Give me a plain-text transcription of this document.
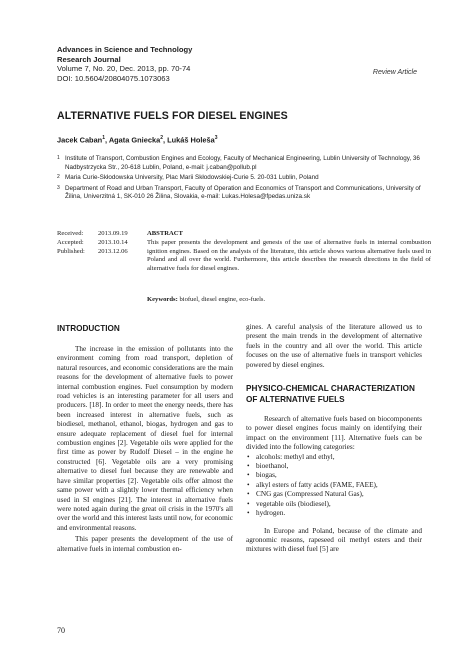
Advances in Science and Technology
Research Journal
Volume 7, No. 20, Dec. 2013, pp. 70-74
DOI: 10.5604/20804075.1073063
Review Article
ALTERNATIVE FUELS FOR DIESEL ENGINES
Jacek Caban$^1$, Agata Gniecka$^2$, Lukáš Holeša$^3$
1 Institute of Transport, Combustion Engines and Ecology, Faculty of Mechanical Engineering, Lublin University of Technology, 36 Nadbystrzycka Str., 20-618 Lublin, Poland, e-mail: j.caban@pollub.pl
2 Maria Curie-Skłodowska University, Plac Marii Skłodowskiej-Curie 5. 20-031 Lublin, Poland
3 Department of Road and Urban Transport, Faculty of Operation and Economics of Transport and Communications, University of Žilina, Univerzitná 1, SK-010 26 Žilina, Slovakia, e-mail: Lukas.Holesa@fpedas.uniza.sk
Received:	2013.09.19
Accepted:	2013.10.14
Published:	2013.12.06
ABSTRACT
This paper presents the development and genesis of the use of alternative fuels in internal combustion ignition engines. Based on the analysis of the literature, this article shows various alternative fuels used in Poland and all over the world. Furthermore, this article describes the research directions in the field of alternative fuels for diesel engines.
Keywords: biofuel, diesel engine, eco-fuels.
INTRODUCTION

The increase in the emission of pollutants into the environment coming from road transport, depletion of natural resources, and economic considerations are the main reasons for the development of alternative fuels to power internal combustion engines. Fuel consumption by modern road vehicles is an interesting parameter for all users and producers. [18]. In order to meet the energy needs, there has been increased interest in alternative fuels, such as biodiesel, methanol, ethanol, biogas, hydrogen and gas to ensure adequate replacement of diesel fuel for internal combustion engines [2]. Vegetable oils were applied for the first time as power by Rudolf Diesel – in the engine he constructed [6]. Vegetable oils are a very promising alternative to diesel fuel because they are renewable and have similar properties [2]. Vegetable oils offer almost the same power with a slightly lower thermal efficiency when used in SI engines [21]. The interest in alternative fuels were noted again during the great oil crisis in the 1970's all over the world and this interest lasts until now, for economic and environmental reasons.

This paper presents the development of the use of alternative fuels in internal combustion en-

gines. A careful analysis of the literature allowed us to present the main trends in the development of alternative fuels in the country and all over the world. This article focuses on the use of alternative fuels in transport vehicles powered by diesel engines.

PHYSICO-CHEMICAL CHARACTERIZATION OF ALTERNATIVE FUELS

Research of alternative fuels based on biocomponents to power diesel engines focus mainly on identifying their impact on the environment [11]. Alternative fuels can be divided into the following categories:

• alcohols: methyl and ethyl,
• bioethanol,
• biogas,
• alkyl esters of fatty acids (FAME, FAEE),
• CNG gas (Compressed Natural Gas),
• vegetable oils (biodiesel),
• hydrogen.

In Europe and Poland, because of the climate and agronomic reasons, rapeseed oil methyl esters and their mixtures with diesel fuel [5] are

70
